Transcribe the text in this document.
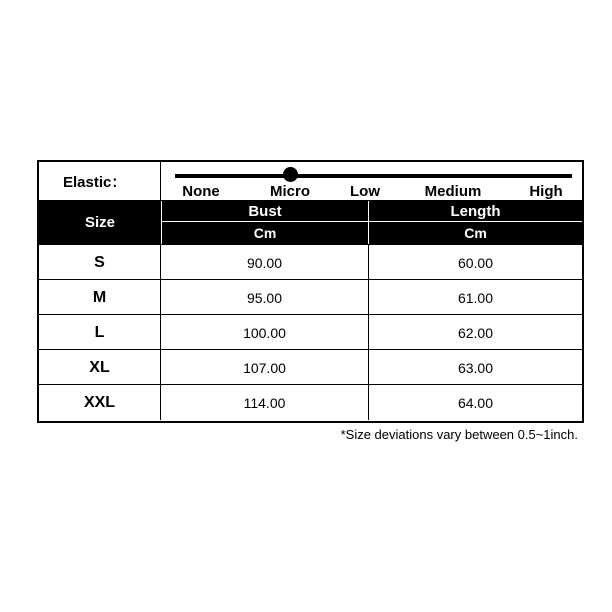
Elastic：
None	Micro	Low	Medium	High
Size
Bust	Length
Cm	Cm
S	90.00	60.00
M	95.00	61.00
L	100.00	62.00
XL	107.00	63.00
XXL	114.00	64.00
*Size deviations vary between 0.5~1inch.
